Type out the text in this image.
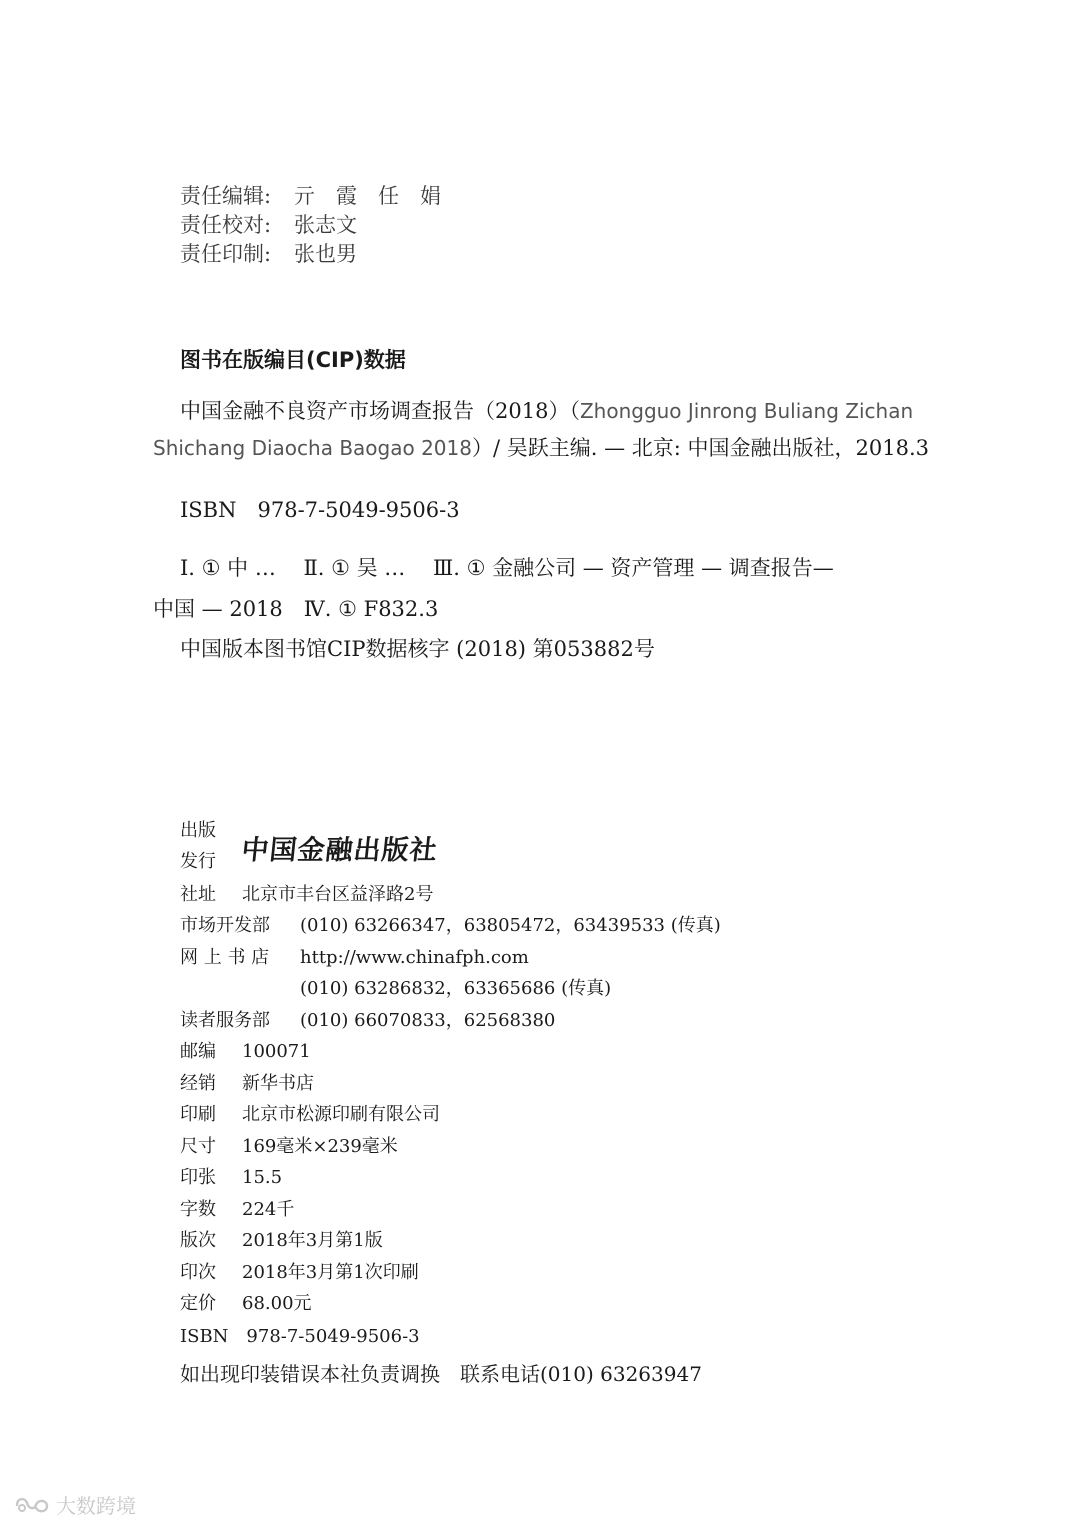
责任编辑: 亓　霞　任　娟
责任校对: 张志文
责任印制: 张也男
图书在版编目(CIP)数据
中国金融不良资产市场调查报告（2018）（Zhongguo Jinrong Buliang Zichan
Shichang Diaocha Baogao 2018）/ 吴跃主编. — 北京: 中国金融出版社，2018.3
ISBN　978-7-5049-9506-3
Ⅰ. ① 中 …　 Ⅱ. ① 吴 …　 Ⅲ. ① 金融公司 — 资产管理 — 调查报告—
中国 — 2018　Ⅳ. ① F832.3
中国版本图书馆CIP数据核字 (2018) 第053882号
出版
发行 中国金融出版社
社址 北京市丰台区益泽路2号
市场开发部 (010) 63266347，63805472，63439533 (传真)
网 上 书 店 http://www.chinafph.com
(010) 63286832，63365686 (传真)
读者服务部 (010) 66070833，62568380
邮编 100071
经销 新华书店
印刷 北京市松源印刷有限公司
尺寸 169毫米×239毫米
印张 15.5
字数 224千
版次 2018年3月第1版
印次 2018年3月第1次印刷
定价 68.00元
ISBN　978-7-5049-9506-3
如出现印装错误本社负责调换　联系电话(010) 63263947
大数跨境
